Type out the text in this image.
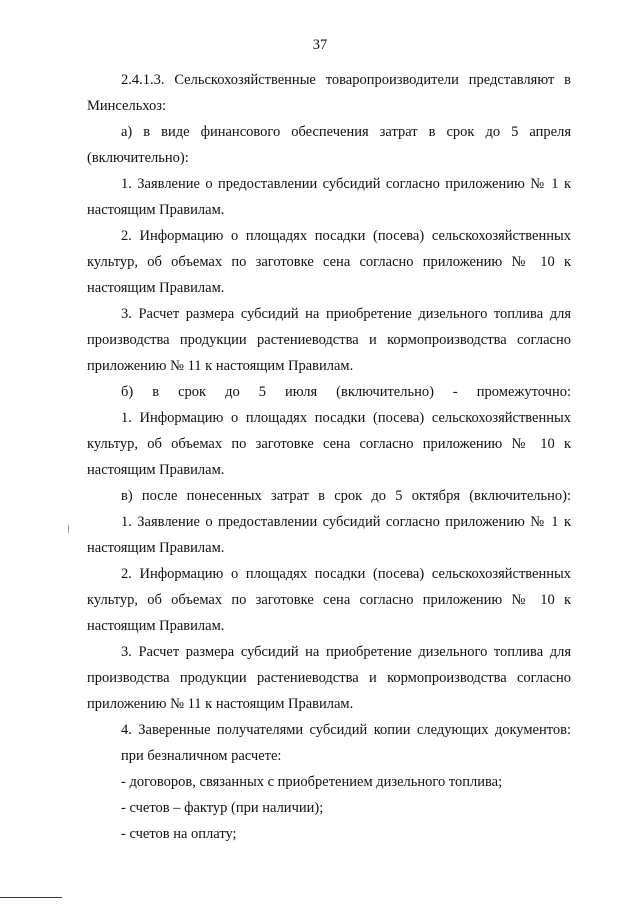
37

2.4.1.3. Сельскохозяйственные товаропроизводители представляют в Минсельхоз:

а) в виде финансового обеспечения затрат в срок до 5 апреля (включительно):

1. Заявление о предоставлении субсидий согласно приложению № 1 к настоящим Правилам.

2. Информацию о площадях посадки (посева) сельскохозяйственных культур, об объемах по заготовке сена согласно приложению № 10 к настоящим Правилам.

3. Расчет размера субсидий на приобретение дизельного топлива для производства продукции растениеводства и кормопроизводства согласно приложению № 11 к настоящим Правилам.

б) в срок до 5 июля (включительно) - промежуточно:

1. Информацию о площадях посадки (посева) сельскохозяйственных культур, об объемах по заготовке сена согласно приложению № 10 к настоящим Правилам.

в) после понесенных затрат в срок до 5 октября (включительно):

1. Заявление о предоставлении субсидий согласно приложению № 1 к настоящим Правилам.

2. Информацию о площадях посадки (посева) сельскохозяйственных культур, об объемах по заготовке сена согласно приложению № 10 к настоящим Правилам.

3. Расчет размера субсидий на приобретение дизельного топлива для производства продукции растениеводства и кормопроизводства согласно приложению № 11 к настоящим Правилам.

4. Заверенные получателями субсидий копии следующих документов:

при безналичном расчете:

- договоров, связанных с приобретением дизельного топлива;

- счетов – фактур (при наличии);

- счетов на оплату;
